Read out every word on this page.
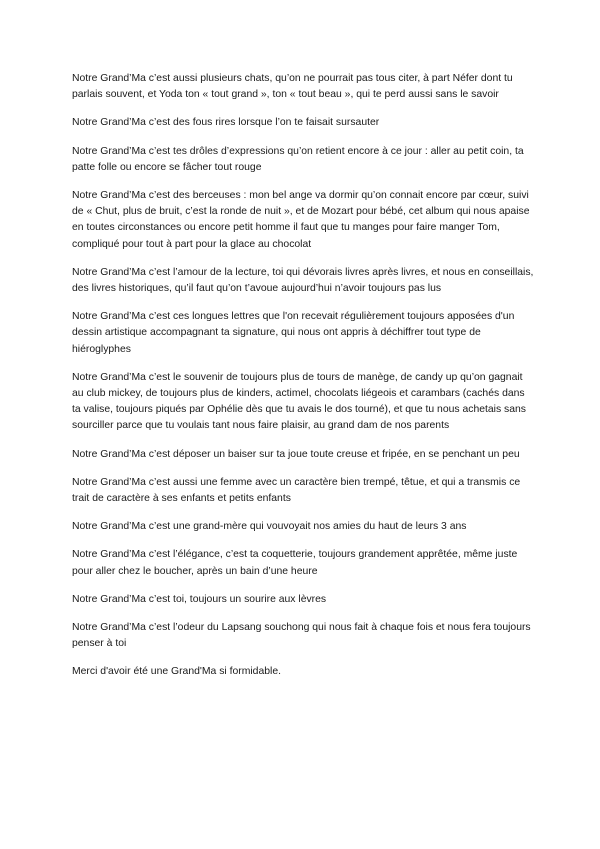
Notre Grand’Ma c’est aussi plusieurs chats, qu’on ne pourrait pas tous citer, à part Néfer dont tu parlais souvent, et Yoda ton « tout grand », ton « tout beau », qui te perd aussi sans le savoir

Notre Grand’Ma c’est des fous rires lorsque l’on te faisait sursauter

Notre Grand’Ma c’est tes drôles d’expressions qu’on retient encore à ce jour : aller au petit coin, ta patte folle ou encore se fâcher tout rouge

Notre Grand’Ma c’est des berceuses : mon bel ange va dormir qu’on connait encore par cœur, suivi de « Chut, plus de bruit, c’est la ronde de nuit », et de Mozart pour bébé, cet album qui nous apaise en toutes circonstances ou encore petit homme il faut que tu manges pour faire manger Tom, compliqué pour tout à part pour la glace au chocolat

Notre Grand’Ma c’est l’amour de la lecture, toi qui dévorais livres après livres, et nous en conseillais, des livres historiques, qu’il faut qu’on t’avoue aujourd’hui n’avoir toujours pas lus

Notre Grand’Ma c’est ces longues lettres que l'on recevait régulièrement toujours apposées d'un dessin artistique accompagnant ta signature, qui nous ont appris à déchiffrer tout type de hiéroglyphes

Notre Grand’Ma c’est le souvenir de toujours plus de tours de manège, de candy up qu’on gagnait au club mickey, de toujours plus de kinders, actimel, chocolats liégeois et carambars (cachés dans ta valise, toujours piqués par Ophélie dès que tu avais le dos tourné), et que tu nous achetais sans sourciller parce que tu voulais tant nous faire plaisir, au grand dam de nos parents

Notre Grand’Ma c’est déposer un baiser sur ta joue toute creuse et fripée, en se penchant un peu

Notre Grand’Ma c’est aussi une femme avec un caractère bien trempé, têtue, et qui a transmis ce trait de caractère à ses enfants et petits enfants

Notre Grand’Ma c’est une grand-mère qui vouvoyait nos amies du haut de leurs 3 ans

Notre Grand’Ma c’est l’élégance, c’est ta coquetterie, toujours grandement apprêtée, même juste pour aller chez le boucher, après un bain d’une heure

Notre Grand’Ma c’est toi, toujours un sourire aux lèvres

Notre Grand’Ma c’est l’odeur du Lapsang souchong qui nous fait à chaque fois et nous fera toujours penser à toi

Merci d'avoir été une Grand'Ma si formidable.
